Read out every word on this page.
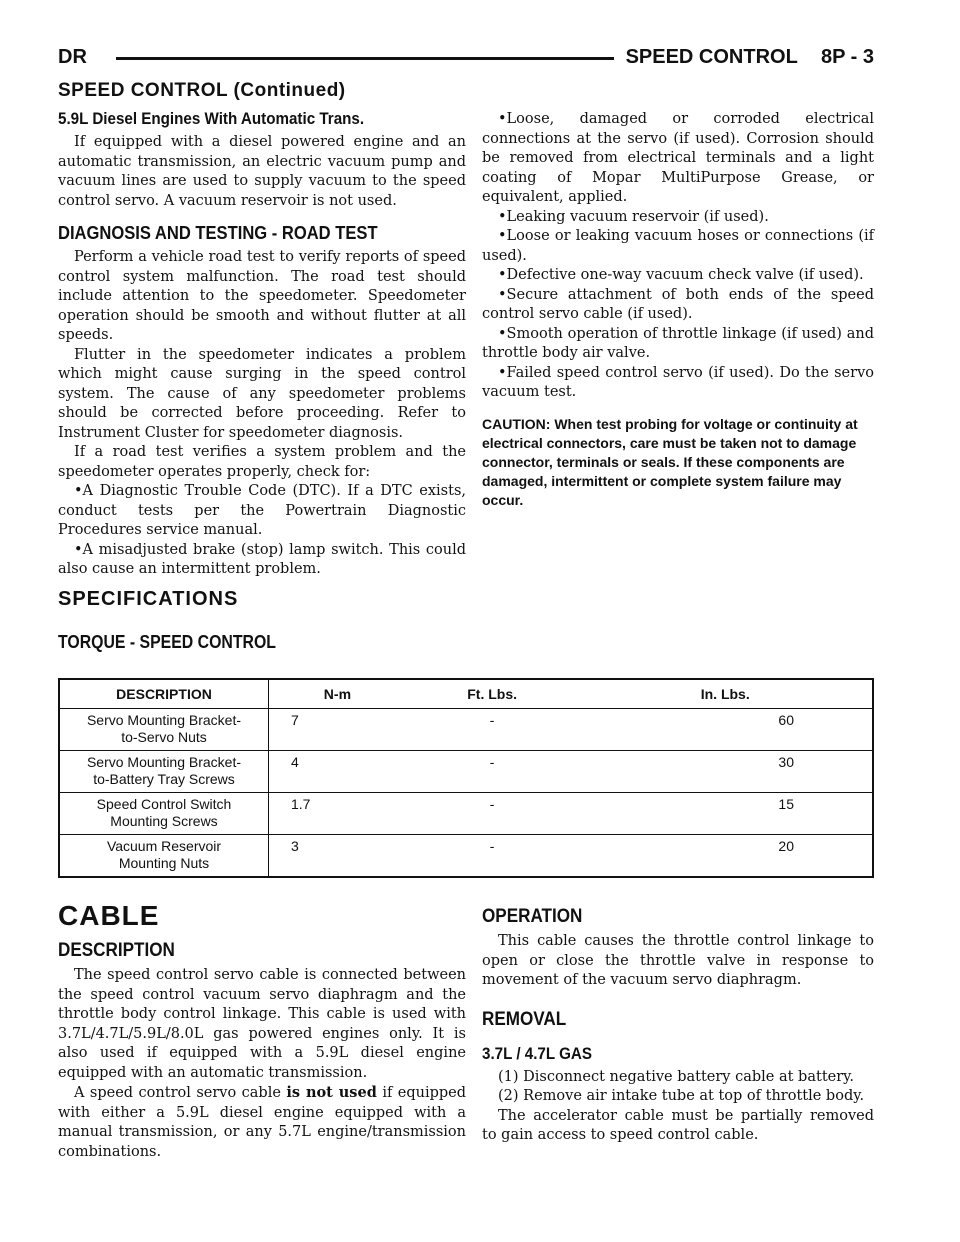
DR	SPEED CONTROL 8P - 3
SPEED CONTROL (Continued)
5.9L Diesel Engines With Automatic Trans.

If equipped with a diesel powered engine and an automatic transmission, an electric vacuum pump and vacuum lines are used to supply vacuum to the speed control servo. A vacuum reservoir is not used.

DIAGNOSIS AND TESTING - ROAD TEST

Perform a vehicle road test to verify reports of speed control system malfunction. The road test should include attention to the speedometer. Speedometer operation should be smooth and without flutter at all speeds.

Flutter in the speedometer indicates a problem which might cause surging in the speed control system. The cause of any speedometer problems should be corrected before proceeding. Refer to Instrument Cluster for speedometer diagnosis.

If a road test verifies a system problem and the speedometer operates properly, check for:

•A Diagnostic Trouble Code (DTC). If a DTC exists, conduct tests per the Powertrain Diagnostic Procedures service manual.

•A misadjusted brake (stop) lamp switch. This could also cause an intermittent problem.

•Loose, damaged or corroded electrical connections at the servo (if used). Corrosion should be removed from electrical terminals and a light coating of Mopar MultiPurpose Grease, or equivalent, applied.

•Leaking vacuum reservoir (if used).

•Loose or leaking vacuum hoses or connections (if used).

•Defective one-way vacuum check valve (if used).

•Secure attachment of both ends of the speed control servo cable (if used).

•Smooth operation of throttle linkage (if used) and throttle body air valve.

•Failed speed control servo (if used). Do the servo vacuum test.

CAUTION: When test probing for voltage or continuity at electrical connectors, care must be taken not to damage connector, terminals or seals. If these components are damaged, intermittent or complete system failure may occur.

SPECIFICATIONS
TORQUE - SPEED CONTROL
DESCRIPTION	N-m	Ft. Lbs.	In. Lbs.
Servo Mounting Bracket-
to-Servo Nuts	7	-	60
Servo Mounting Bracket-
to-Battery Tray Screws	4	-	30
Speed Control Switch
Mounting Screws	1.7	-	15
Vacuum Reservoir
Mounting Nuts	3	-	20
CABLE
DESCRIPTION

The speed control servo cable is connected between the speed control vacuum servo diaphragm and the throttle body control linkage. This cable is used with 3.7L/4.7L/5.9L/8.0L gas powered engines only. It is also used if equipped with a 5.9L diesel engine equipped with an automatic transmission.

A speed control servo cable is not used if equipped with either a 5.9L diesel engine equipped with a manual transmission, or any 5.7L engine/transmission combinations.

OPERATION

This cable causes the throttle control linkage to open or close the throttle valve in response to movement of the vacuum servo diaphragm.

REMOVAL
3.7L / 4.7L GAS

(1) Disconnect negative battery cable at battery.

(2) Remove air intake tube at top of throttle body.

The accelerator cable must be partially removed to gain access to speed control cable.
